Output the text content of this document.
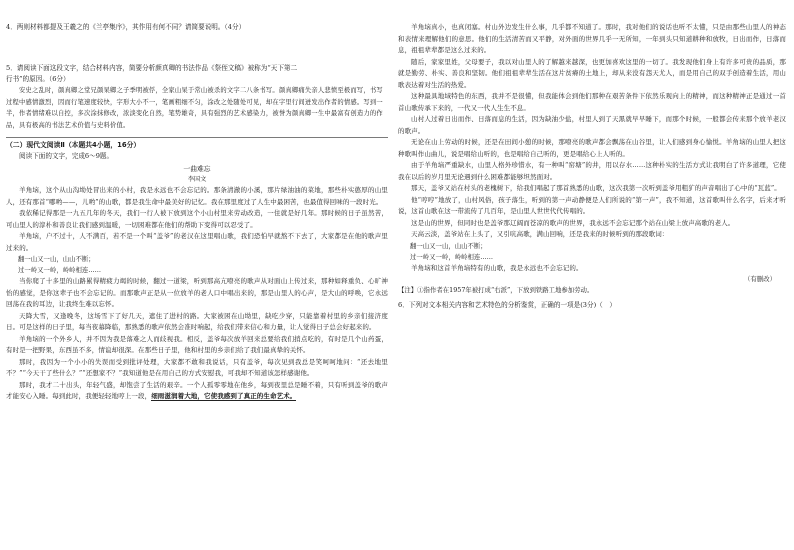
4．两则材料都提及王羲之的《兰亭集序》，其作用有何不同？请简要说明。（4分）

5．请阅读下面这段文字，结合材料内容，简要分析颜真卿的书法作品《祭侄文稿》被称为“天下第二

行书”的原因。（6分）

安史之乱时，颜真卿之堂兄颜杲卿之子季明被俘，全家山杲于常山被杀的文字二八条书写。颜真卿痛失亲人悲愤至极而写，书写过程中感情激烈，因而行笔速度较快，字形大小不一，笔画粗细不匀，涂改之处随处可见，却在字里行间迸发出作者的情感。写到一半，作者情绪难以自控，多次涂抹修改，浓淡变化自然，笔势雄奇，具有强烈的艺术感染力，被誉为颜真卿一生中最富有创造力的作品，具有极高的书法艺术价值与史料价值。

（二）现代文阅读Ⅱ（本题共4小题，16分）

阅读下面的文字，完成6～9题。

一曲难忘

李国文

羊角垴，这个从山沟坳处冒出来的小村，我是永远也不会忘记的。那条清澈的小溪，那片绿油油的菜地，那些朴实憨厚的山里人，还有那首“哪哟——，儿哟”的山歌，都是我生命中最美好的记忆。我在那里度过了人生中最困苦，也最值得回味的一段时光。

我依稀记得那是一九五几年的冬天，我们一行人被下放到这个小山村里来劳动改造，一住就是好几年。那时候的日子虽然苦，可山里人的淳朴和善良让我们感到温暖，一切困难都在他们的帮助下变得可以忍受了。

羊角垴，户不过十，人不满百，若不是一个叫“盖爷”的老汉在这里唱山歌，我们恐怕早就熬不下去了，大家都是在他的歌声里过来的。

翻一山又一山，山山不断；

过一岭又一岭，岭岭相连……

当你爬了十多里的山路累得精疲力竭的时候，翻过一道梁，听到那高亢嘹亮的歌声从对面山上传过来，那种如释重负、心旷神怡的感觉，是你这辈子也不会忘记的。而那歌声正是从一位放羊的老人口中唱出来的，那是山里人的心声，是大山的呼唤，它永远回荡在我的耳边，让我终生难以忘怀。

天降大雪，又逢晚冬，这场雪下了好几天，遮住了进村的路。大家被困在山坳里，缺吃少穿，只能靠着村里的乡亲们接济度日。可是这样的日子里，每当夜幕降临，那熟悉的歌声依然会准时响起，给我们带来信心和力量，让人觉得日子总会好起来的。

羊角垴的一个外乡人，并不因为我是落难之人而歧视我。相反，盖爷每次放羊回来总要给我们捎点吃的，有时是几个山药蛋，有时是一把野果，东西虽不多，情谊却很深。在那些日子里，他和村里的乡亲们给了我们最真挚的关怀。

那时，我因为一个小小的失误而受到批评处理，大家都不敢和我说话，只有盖爷，每次见到我总是笑呵呵地问：“还去地里不？”“今天干了些什么？”“还想家不？”我知道他是在用自己的方式安慰我，可我却不知道该怎样感谢他。

那时，我才二十出头，年轻气盛，却饱尝了生活的艰辛。一个人孤零零地在他乡，每到夜里总是睡不着，只有听到盖爷的歌声才能安心入睡。每到此时，我便轻轻地哼上一段，细雨滋润着大地，它使我感到了真正的生命艺术。

羊角垴真小，也真闭塞。村山外边发生什么事，几乎都不知道了。那时，我对他们的说话也听不太懂，只是由那些山里人的神态和表情来理解他们的意思。他们的生活清苦而又平静，对外面的世界几乎一无所知，一年到头只知道耕种和放牧，日出而作，日落而息，祖祖辈辈都是这么过来的。

随后，家家里姓，父母要子，我以对山里人的了解越来越深，也更加喜欢这里的一切了。我发现他们身上有许多可贵的品质，那就是勤劳、朴实、善良和坚韧。他们祖祖辈辈生活在这片贫瘠的土地上，却从来没有怨天尤人，而是用自己的双手创造着生活，用山歌表达着对生活的热爱。

这种最具地域特色的东西，我并不是很懂，但我能体会到他们那种在艰苦条件下依然乐观向上的精神，而这种精神正是通过一首首山歌传承下来的，一代又一代人生生不息。

山村人过着日出而作、日落而息的生活，因为缺油少盐，村里人到了天黑就早早睡下，而那个时候，一般都会传来那个放羊老汉的歌声。

无论在山上劳动的时候，还是在田间小憩的时候，那嘹亮的歌声都会飘荡在山谷里，让人们感到身心愉悦。羊角垴的山里人把这种歌叫作山曲儿，说是唱给山听的，也是唱给自己听的，更是唱给心上人听的。

由于羊角垴严重缺水，山里人格外珍惜水，有一种叫“窑塘”的井，用以存水……这种朴实的生活方式让我明白了许多道理，它使我在以后的岁月里无论遇到什么困难都能够坦然面对。

那天，盖爷又站在村头的老槐树下，给我们唱起了那首熟悉的山歌，这次我第一次听到盖爷用粗犷的声音唱出了心中的“瓦蓝”。

他“哼哼”地放了，山村风俗，孩子落生，听到的第一声动静便是人们所说的“第一声”，我不知道，这首歌叫什么名字，后来才听说，这首山歌在这一带流传了几百年，是山里人世世代代传唱的。

这是山的世界，但同时也是盖爷那辽阔而苍凉的歌声的世界，我永远不会忘记那个站在山梁上放声高歌的老人。

天高云淡，盖爷站在上头了，又引吭高歌，满山回响，还是我来的时候听到的那段歌词：

翻一山又一山，山山不断；

过一岭又一岭，岭岭相连……

羊角垴和这首羊角垴特有的山歌，我是永远也不会忘记的。

（有删改）

【注】①指作者在1957年被打成“右派”，下放到铁路工地参加劳动。

6．下列对文本相关内容和艺术特色的分析鉴赏，正确的一项是(3分)（　）
